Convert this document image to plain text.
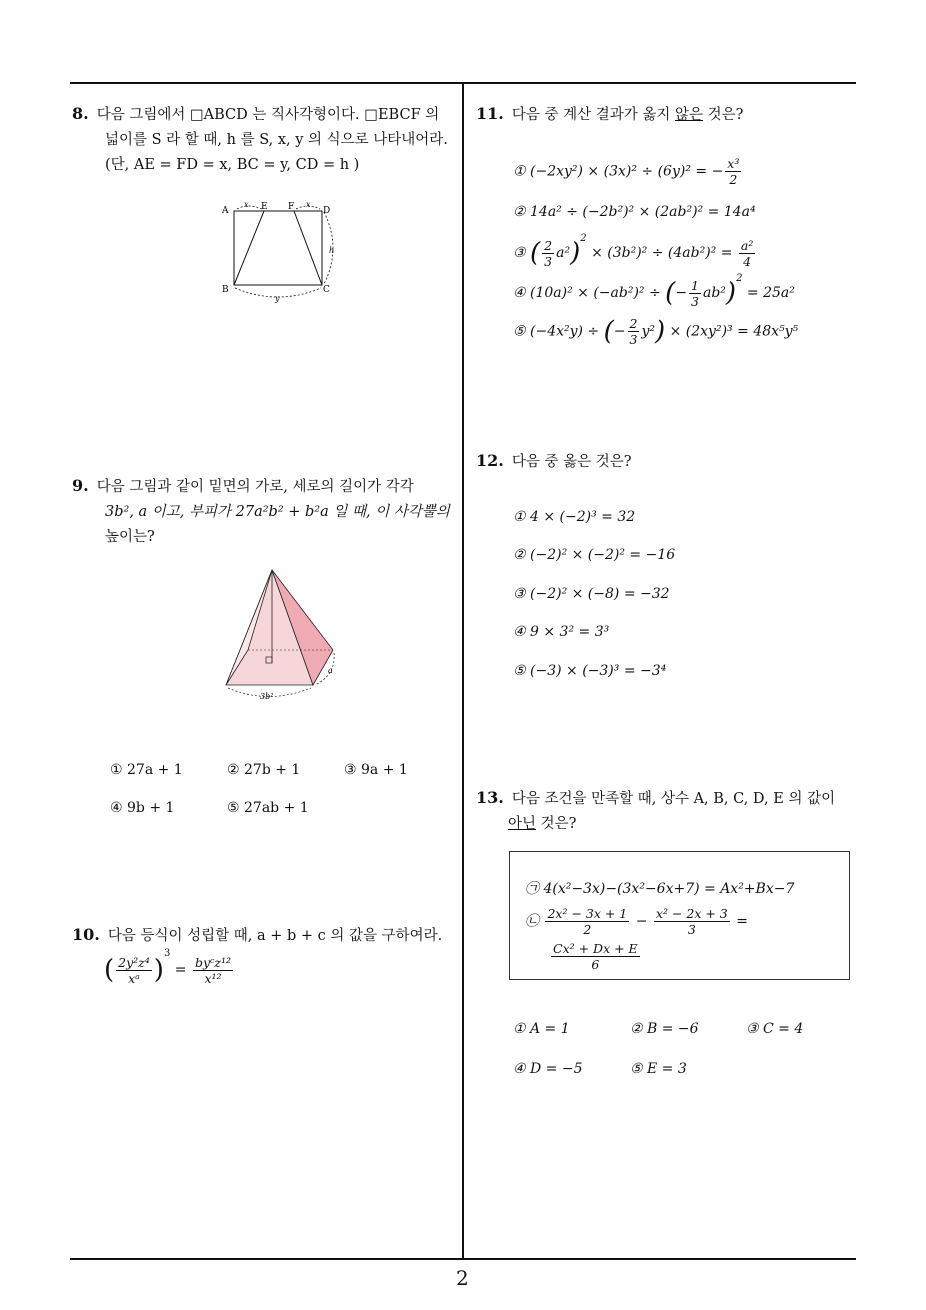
2
8. 다음 그림에서 □ABCD 는 직사각형이다. □EBCF 의
넓이를 S 라 할 때, h 를 S, x, y 의 식으로 나타내어라.
(단, AE = FD = x, BC = y, CD = h )
A	E F	D
B	C
x	x
h
y
9. 다음 그림과 같이 밑면의 가로, 세로의 길이가 각각
3b², a 이고, 부피가 27a²b² + b²a 일 때, 이 사각뿔의
높이는?
a
3b²
① 27a + 1	② 27b + 1	③ 9a + 1
④ 9b + 1	⑤ 27ab + 1
10. 다음 등식이 성립할 때, a + b + c 의 값을 구하여라.
( $\frac{\text{2y²z⁴}}{\text{xᵃ}} )^3 = \frac{\text{byᶜz¹²}}{\text{x¹²}}$
11. 다음 중 계산 결과가 옳지 않은 것은?
① (−2xy²) × (3x)² ÷ (6y)² = − $\frac{\text{x³}}{2}$
② 14a² ÷ (−2b²)² × (2ab²)² = 14a⁴
③ ( $\frac{2}{3} a^2)^2 \times (3b^2)^2 \div (4ab^2)^2 = \frac{\text{a²}}{4}$
④ (10a)² × (−ab²)² ÷ (− $\frac{1}{3} ab^2)^2 = 25a^2$
⑤ (−4x²y) ÷ (− $\frac{2}{3} y^2) \times (2xy^2)^3 = 48x^5y^5$
12. 다음 중 옳은 것은?
① 4 × (−2)³ = 32
② (−2)² × (−2)² = −16
③ (−2)² × (−8) = −32
④ 9 × 3² = 3³
⑤ (−3) × (−3)³ = −3⁴
13. 다음 조건을 만족할 때, 상수 A, B, C, D, E 의 값이
아닌 것은?
㉠ 4(x²−3x)−(3x²−6x+7) = Ax²+Bx−7
㉡ $\frac{\text{2x² − 3x + 1}}{2} - \frac{\text{x² − 2x + 3}}{3}$ =
$\frac{\text{Cx² + Dx + E}}{6}$
① A = 1	② B = −6	③ C = 4
④ D = −5	⑤ E = 3
